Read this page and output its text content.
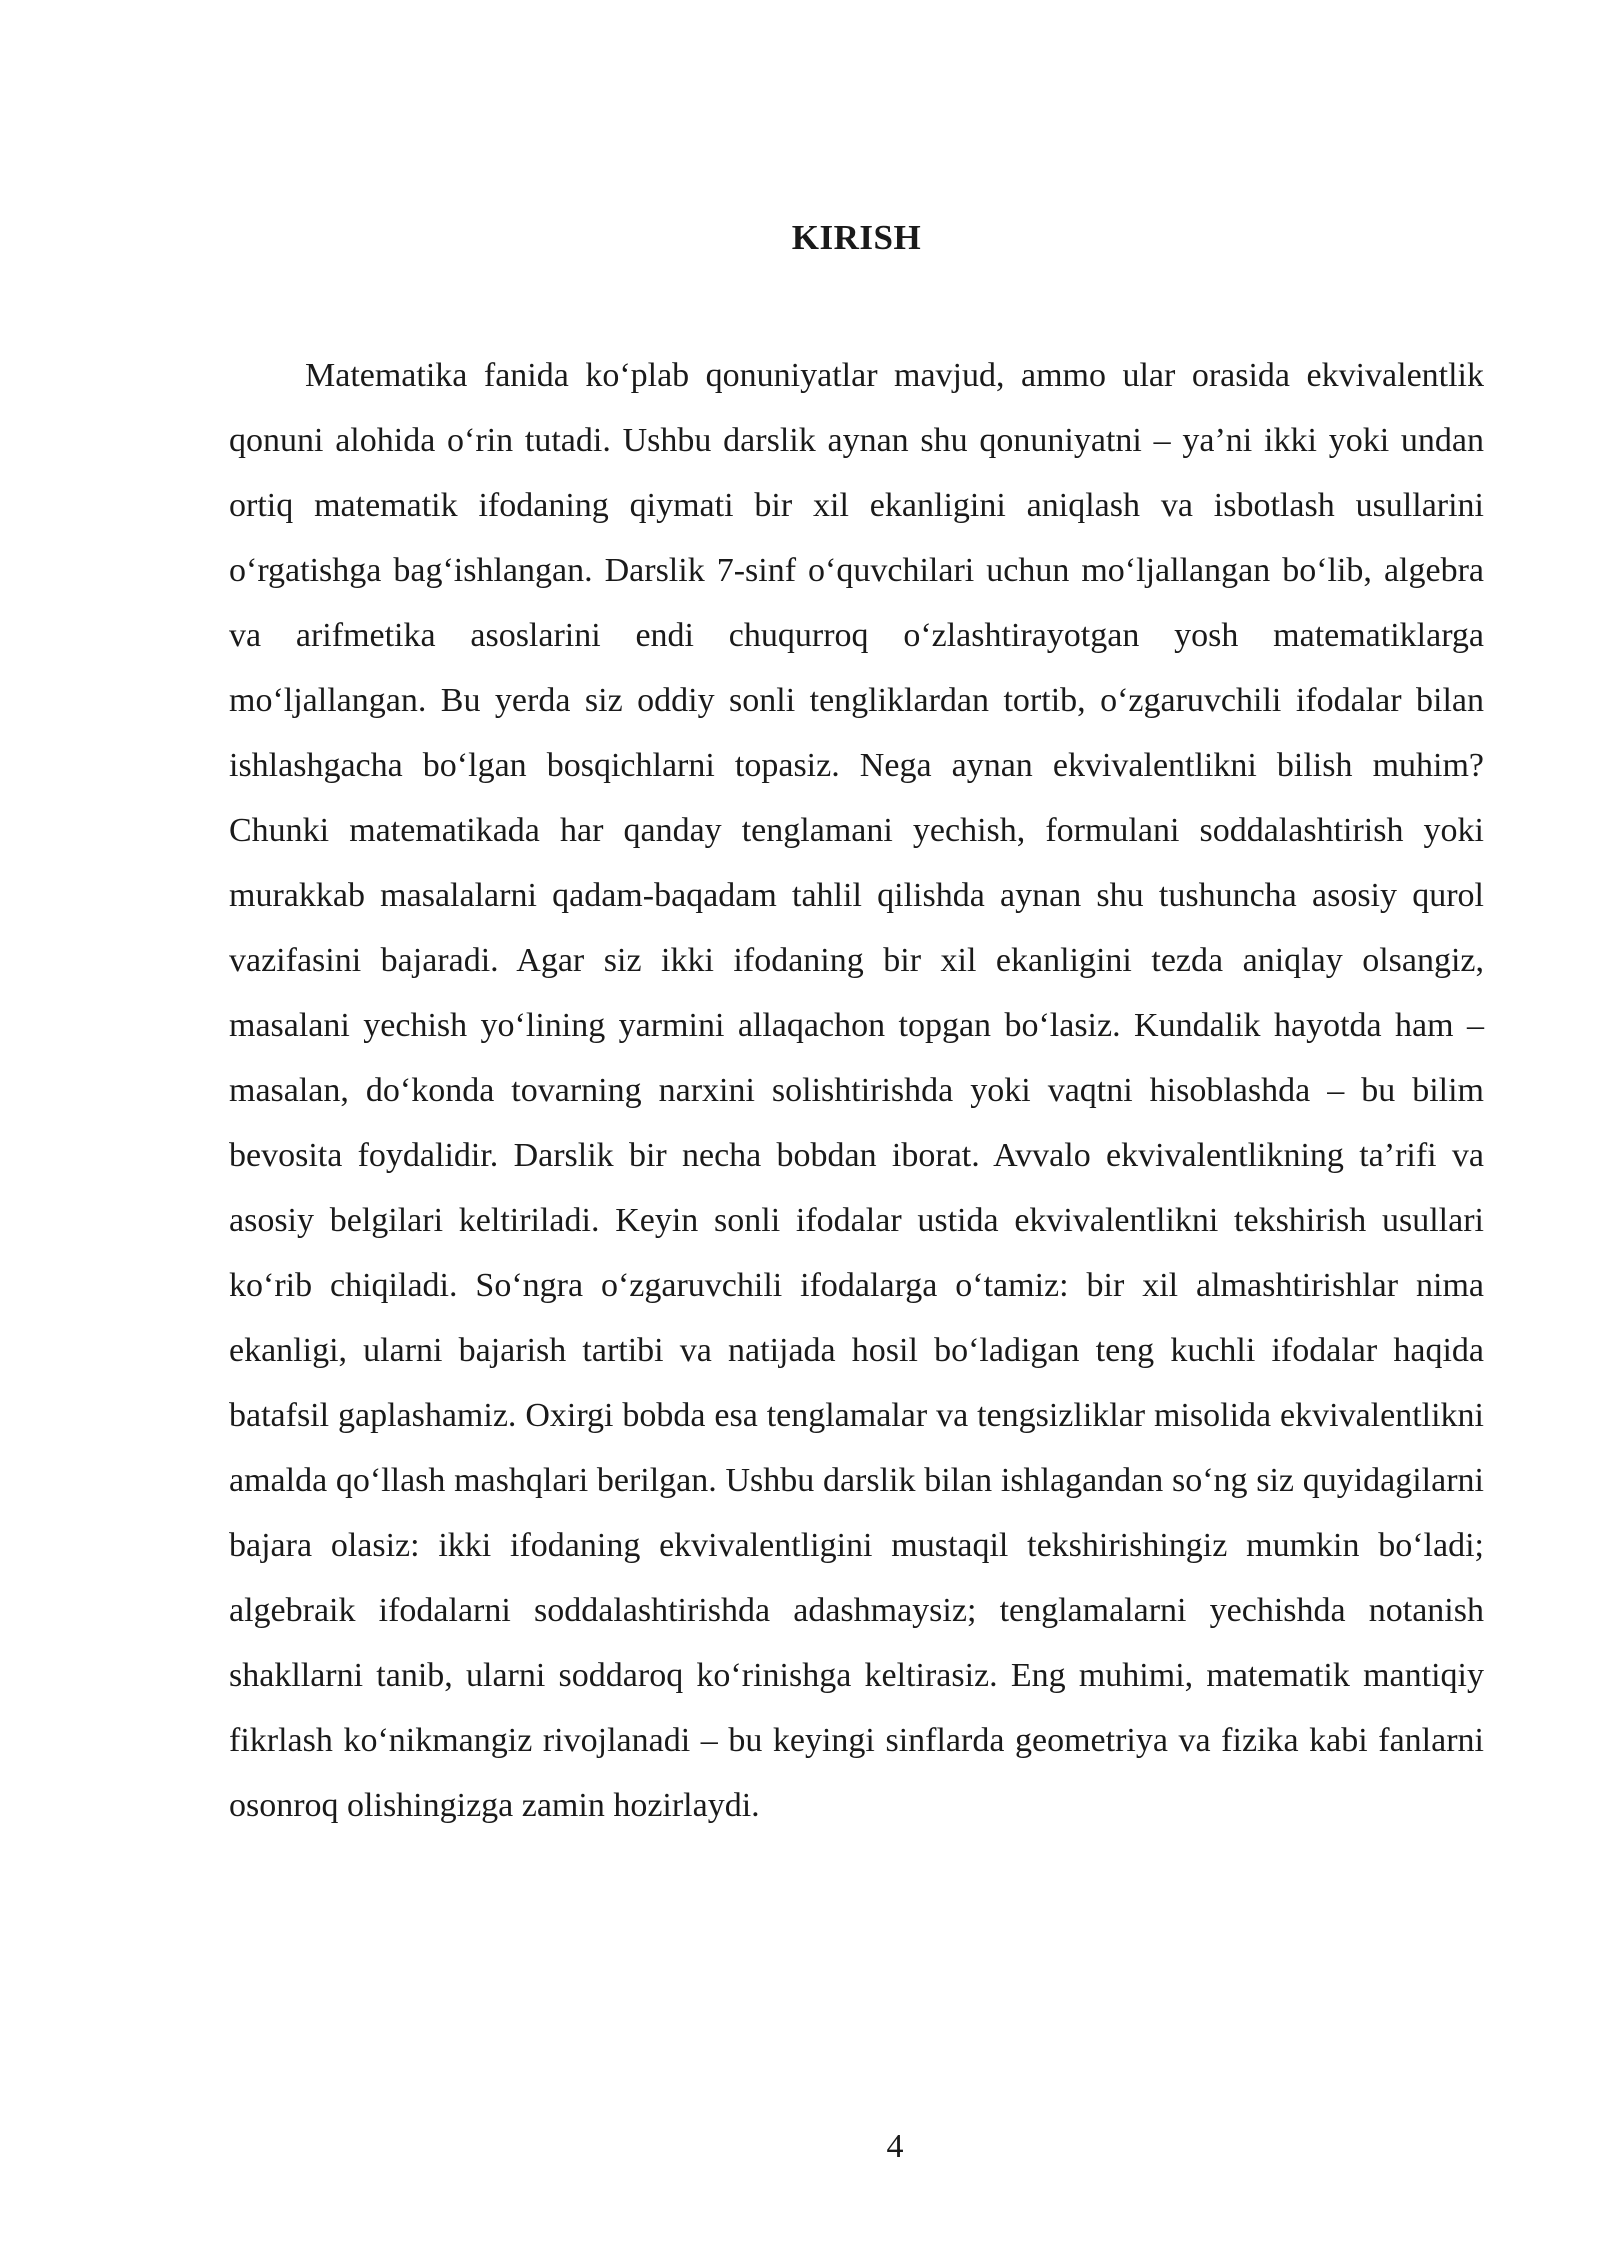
KIRISH

Matematika fanida ko‘plab qonuniyatlar mavjud, ammo ular orasida ekvivalentlik qonuni alohida o‘rin tutadi. Ushbu darslik aynan shu qonuniyatni – ya’ni ikki yoki undan ortiq matematik ifodaning qiymati bir xil ekanligini aniqlash va isbotlash usullarini o‘rgatishga bag‘ishlangan. Darslik 7-sinf o‘quvchilari uchun mo‘ljallangan bo‘lib, algebra va arifmetika asoslarini endi chuqurroq o‘zlashtirayotgan yosh matematiklarga mo‘ljallangan. Bu yerda siz oddiy sonli tengliklardan tortib, o‘zgaruvchili ifodalar bilan ishlashgacha bo‘lgan bosqichlarni topasiz. Nega aynan ekvivalentlikni bilish muhim? Chunki matematikada har qanday tenglamani yechish, formulani soddalashtirish yoki murakkab masalalarni qadam-baqadam tahlil qilishda aynan shu tushuncha asosiy qurol vazifasini bajaradi. Agar siz ikki ifodaning bir xil ekanligini tezda aniqlay olsangiz, masalani yechish yo‘lining yarmini allaqachon topgan bo‘lasiz. Kundalik hayotda ham – masalan, do‘konda tovarning narxini solishtirishda yoki vaqtni hisoblashda – bu bilim bevosita foydalidir. Darslik bir necha bobdan iborat. Avvalo ekvivalentlikning ta’rifi va asosiy belgilari keltiriladi. Keyin sonli ifodalar ustida ekvivalentlikni tekshirish usullari ko‘rib chiqiladi. So‘ngra o‘zgaruvchili ifodalarga o‘tamiz: bir xil almashtirishlar nima ekanligi, ularni bajarish tartibi va natijada hosil bo‘ladigan teng kuchli ifodalar haqida batafsil gaplashamiz. Oxirgi bobda esa tenglamalar va tengsizliklar misolida ekvivalentlikni amalda qo‘llash mashqlari berilgan. Ushbu darslik bilan ishlagandan so‘ng siz quyidagilarni bajara olasiz: ikki ifodaning ekvivalentligini mustaqil tekshirishingiz mumkin bo‘ladi; algebraik ifodalarni soddalashtirishda adashmaysiz; tenglamalarni yechishda notanish shakllarni tanib, ularni soddaroq ko‘rinishga keltirasiz. Eng muhimi, matematik mantiqiy fikrlash ko‘nikmangiz rivojlanadi – bu keyingi sinflarda geometriya va fizika kabi fanlarni osonroq olishingizga zamin hozirlaydi.

4
